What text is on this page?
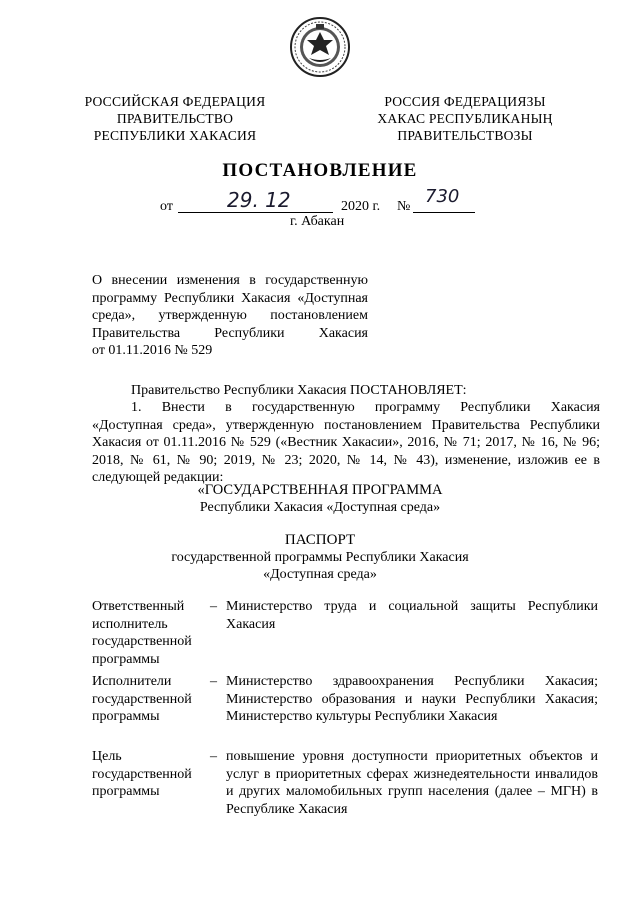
РОССИЙСКАЯ ФЕДЕРАЦИЯ
ПРАВИТЕЛЬСТВО
РЕСПУБЛИКИ ХАКАСИЯ
РОССИЯ ФЕДЕРАЦИЯЗЫ
ХАКАС РЕСПУБЛИКАНЫҢ
ПРАВИТЕЛЬСТВОЗЫ
ПОСТАНОВЛЕНИЕ
от	29. 12	2020 г. № 730
г. Абакан
О внесении изменения в государственную
программу Республики Хакасия «Доступная
среда», утвержденную постановлением
Правительства Республики Хакасия
от 01.11.2016 № 529
Правительство Республики Хакасия ПОСТАНОВЛЯЕТ:
1. Внести в государственную программу Республики Хакасия
«Доступная среда», утвержденную постановлением Правительства Республики
Хакасия от 01.11.2016 № 529 («Вестник Хакасии», 2016, № 71; 2017, № 16, № 96;
2018, № 61, № 90; 2019, № 23; 2020, № 14, № 43), изменение, изложив ее в
следующей редакции:
«ГОСУДАРСТВЕННАЯ ПРОГРАММА
Республики Хакасия «Доступная среда»
ПАСПОРТ
государственной программы Республики Хакасия
«Доступная среда»
Ответственный
исполнитель
государственной
программы
– Министерство труда и социальной защиты Республики
Хакасия
Исполнители
государственной
программы
– Министерство здравоохранения Республики Хакасия;
Министерство образования и науки Республики Хакасия;
Министерство культуры Республики Хакасия
Цель
государственной
программы
– повышение уровня доступности приоритетных объектов и
услуг в приоритетных сферах жизнедеятельности инвалидов
и других маломобильных групп населения (далее – МГН) в
Республике Хакасия
